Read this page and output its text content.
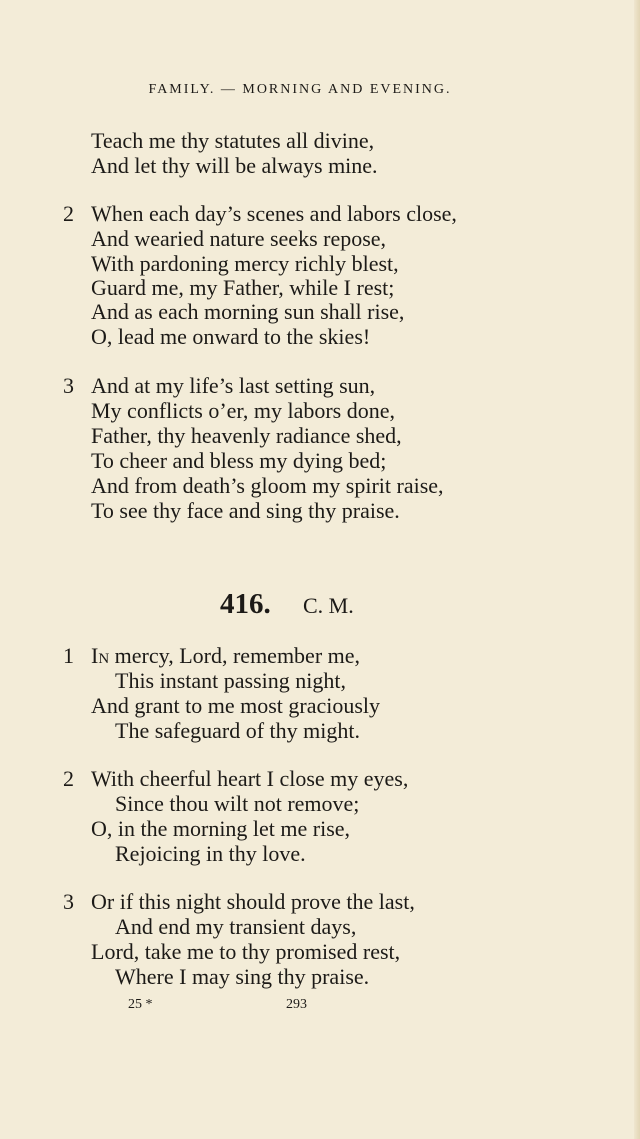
FAMILY. — MORNING AND EVENING.
Teach me thy statutes all divine,
And let thy will be always mine.
2 When each day’s scenes and labors close,
And wearied nature seeks repose,
With pardoning mercy richly blest,
Guard me, my Father, while I rest;
And as each morning sun shall rise,
O, lead me onward to the skies!
3 And at my life’s last setting sun,
My conflicts o’er, my labors done,
Father, thy heavenly radiance shed,
To cheer and bless my dying bed;
And from death’s gloom my spirit raise,
To see thy face and sing thy praise.
416. C. M.
1 In mercy, Lord, remember me,
This instant passing night,
And grant to me most graciously
The safeguard of thy might.
2 With cheerful heart I close my eyes,
Since thou wilt not remove;
O, in the morning let me rise,
Rejoicing in thy love.
3 Or if this night should prove the last,
And end my transient days,
Lord, take me to thy promised rest,
Where I may sing thy praise.
25 *	293
